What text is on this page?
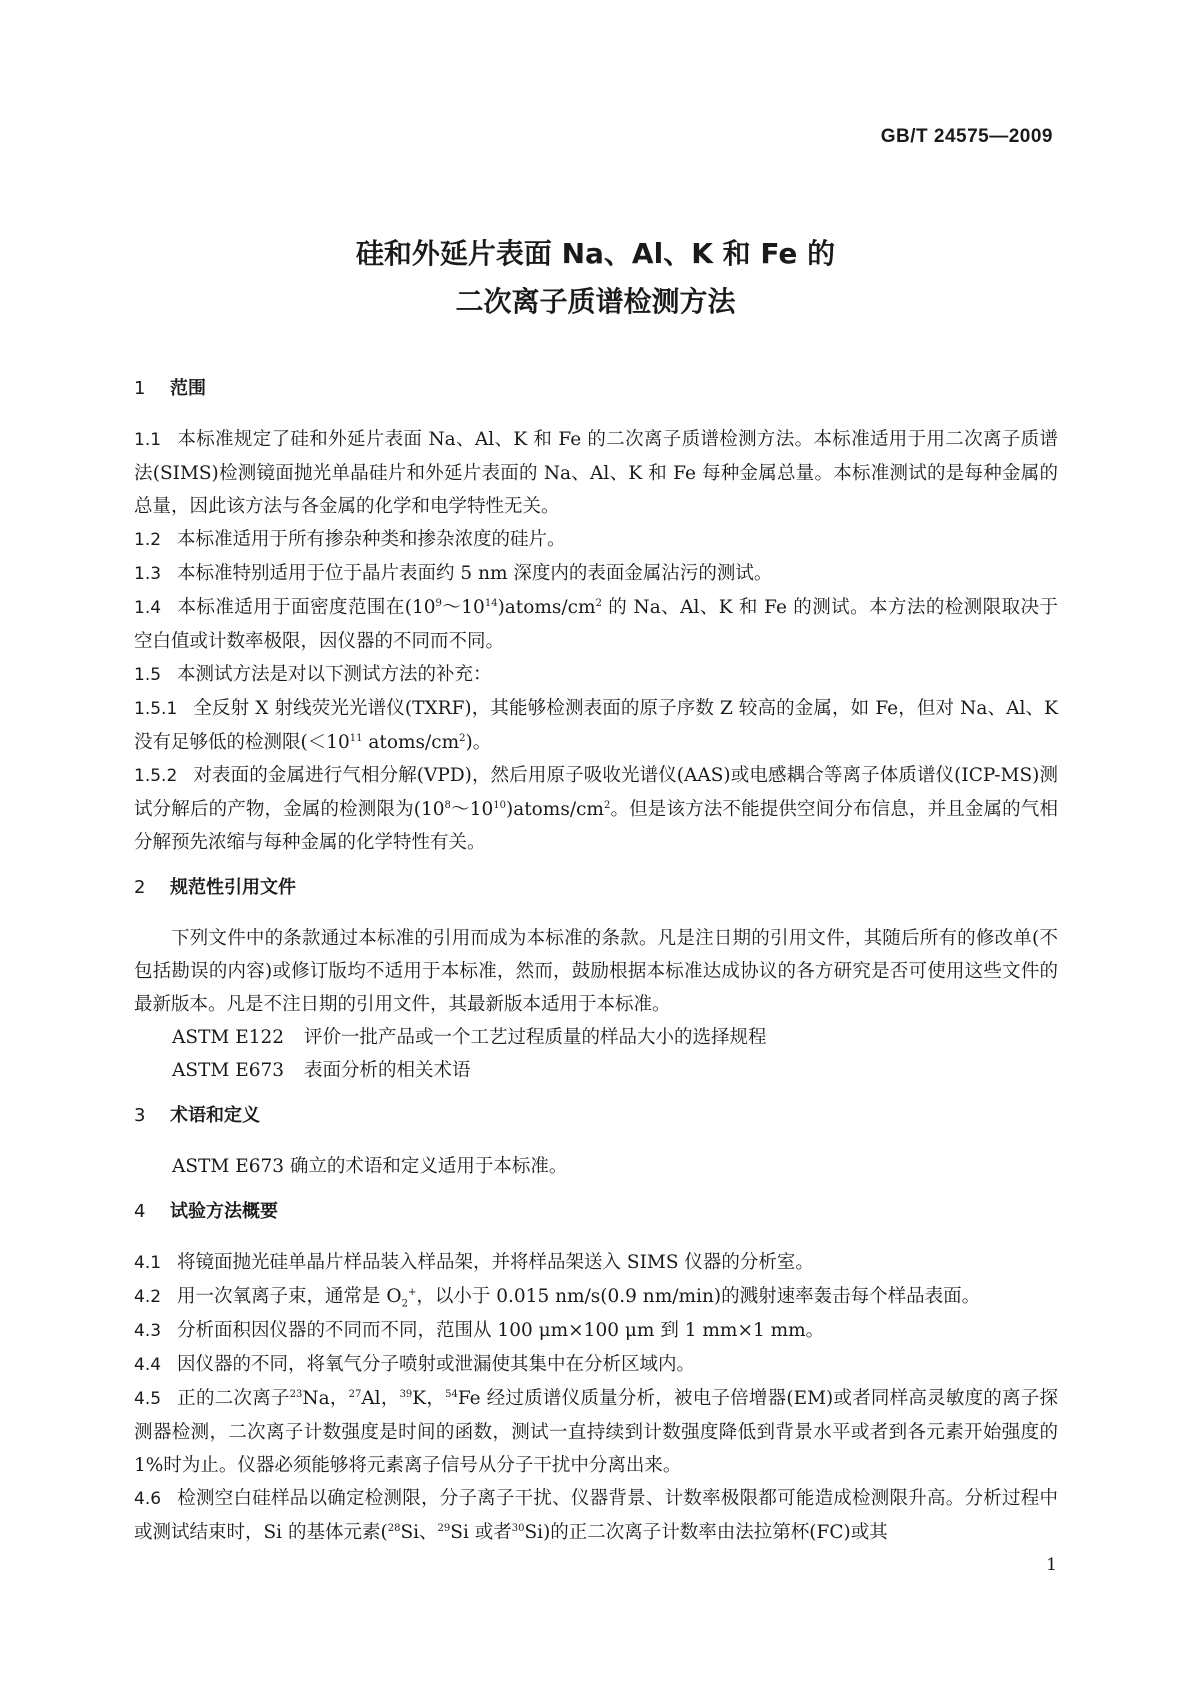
GB/T 24575—2009
硅和外延片表面 Na、Al、K 和 Fe 的
二次离子质谱检测方法
1 范围

1.1 本标准规定了硅和外延片表面 Na、Al、K 和 Fe 的二次离子质谱检测方法。本标准适用于用二次离子质谱法(SIMS)检测镜面抛光单晶硅片和外延片表面的 Na、Al、K 和 Fe 每种金属总量。本标准测试的是每种金属的总量，因此该方法与各金属的化学和电学特性无关。

1.2 本标准适用于所有掺杂种类和掺杂浓度的硅片。

1.3 本标准特别适用于位于晶片表面约 5 nm 深度内的表面金属沾污的测试。

1.4 本标准适用于面密度范围在$(10^9\sim 10^{14})atoms/cm^2$ 的 Na、Al、K 和 Fe 的测试。本方法的检测限取决于空白值或计数率极限，因仪器的不同而不同。

1.5 本测试方法是对以下测试方法的补充：

1.5.1 全反射 X 射线荧光光谱仪(TXRF)，其能够检测表面的原子序数 Z 较高的金属，如 Fe，但对 Na、Al、K 没有足够低的检测限($<10^{11}$ atoms/$cm^2$)。

1.5.2 对表面的金属进行气相分解(VPD)，然后用原子吸收光谱仪(AAS)或电感耦合等离子体质谱仪(ICP-MS)测试分解后的产物，金属的检测限为$(10^8\sim 10^{10})atoms/cm^2$。但是该方法不能提供空间分布信息，并且金属的气相分解预先浓缩与每种金属的化学特性有关。

2 规范性引用文件

下列文件中的条款通过本标准的引用而成为本标准的条款。凡是注日期的引用文件，其随后所有的修改单(不包括勘误的内容)或修订版均不适用于本标准，然而，鼓励根据本标准达成协议的各方研究是否可使用这些文件的最新版本。凡是不注日期的引用文件，其最新版本适用于本标准。

ASTM E122 评价一批产品或一个工艺过程质量的样品大小的选择规程

ASTM E673 表面分析的相关术语

3 术语和定义

ASTM E673 确立的术语和定义适用于本标准。

4 试验方法概要

4.1 将镜面抛光硅单晶片样品装入样品架，并将样品架送入 SIMS 仪器的分析室。

4.2 用一次氧离子束，通常是 $O_2^+$，以小于 0.015 nm/s(0.9 nm/min)的溅射速率轰击每个样品表面。

4.3 分析面积因仪器的不同而不同，范围从 100 μm×100 μm 到 1 mm×1 mm。

4.4 因仪器的不同，将氧气分子喷射或泄漏使其集中在分析区域内。

4.5 正的二次离子$^{23}$Na，$^{27}$Al，$^{39}$K，$^{54}$Fe 经过质谱仪质量分析，被电子倍增器(EM)或者同样高灵敏度的离子探测器检测，二次离子计数强度是时间的函数，测试一直持续到计数强度降低到背景水平或者到各元素开始强度的 1%时为止。仪器必须能够将元素离子信号从分子干扰中分离出来。

4.6 检测空白硅样品以确定检测限，分子离子干扰、仪器背景、计数率极限都可能造成检测限升高。分析过程中或测试结束时，Si 的基体元素($^{28}$Si、$^{29}$Si 或者$^{30}$Si)的正二次离子计数率由法拉第杯(FC)或其

1
